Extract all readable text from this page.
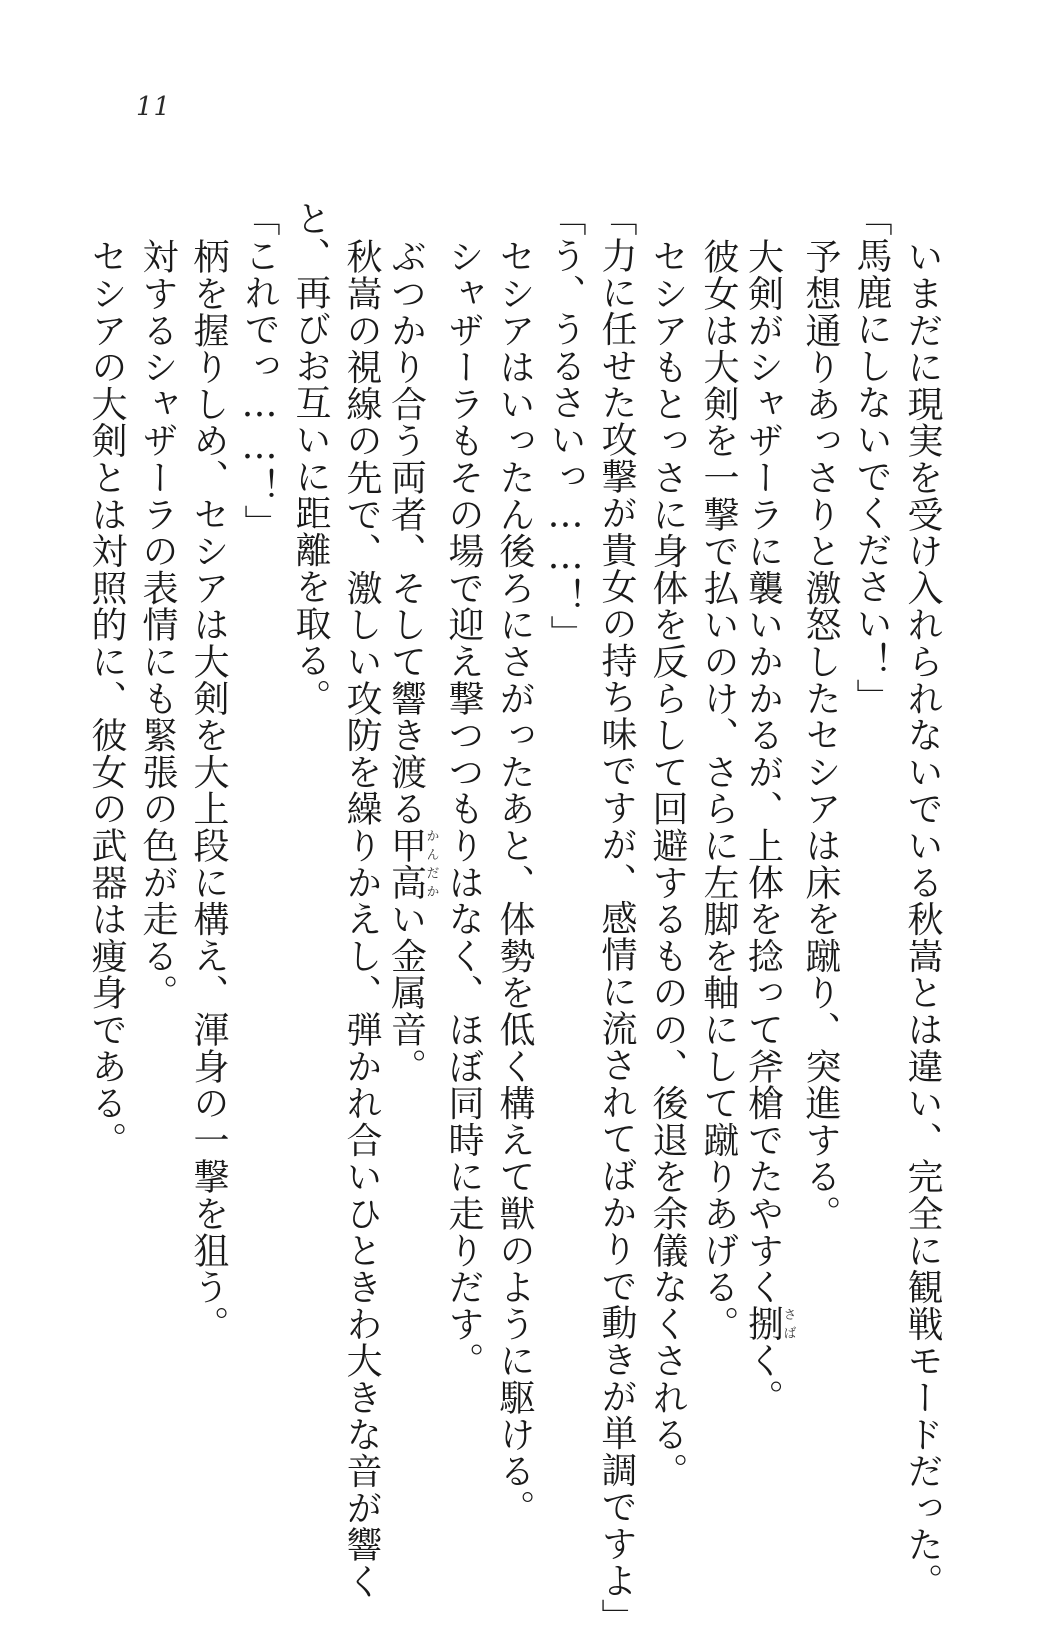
11
いまだに現実を受け入れられないでいる秋嵩とは違い、完全に観戦モードだった。
「馬鹿にしないでください！」
予想通りあっさりと激怒したセシアは床を蹴り、突進する。
大剣がシャザーラに襲いかかるが、上体を捻って斧槍でたやすく捌さばく。
彼女は大剣を一撃で払いのけ、さらに左脚を軸にして蹴りあげる。
セシアもとっさに身体を反らして回避するものの、後退を余儀なくされる。
「力に任せた攻撃が貴女の持ち味ですが、感情に流されてばかりで動きが単調ですよ」
「う、うるさいっ……！」
セシアはいったん後ろにさがったあと、体勢を低く構えて獣のように駆ける。
シャザーラもその場で迎え撃つつもりはなく、ほぼ同時に走りだす。
ぶつかり合う両者、そして響き渡る甲高かんだかい金属音。
秋嵩の視線の先で、激しい攻防を繰りかえし、弾かれ合いひときわ大きな音が響く
と、再びお互いに距離を取る。
「これでっ……！」
柄を握りしめ、セシアは大剣を大上段に構え、渾身の一撃を狙う。
対するシャザーラの表情にも緊張の色が走る。
セシアの大剣とは対照的に、彼女の武器は痩身である。
